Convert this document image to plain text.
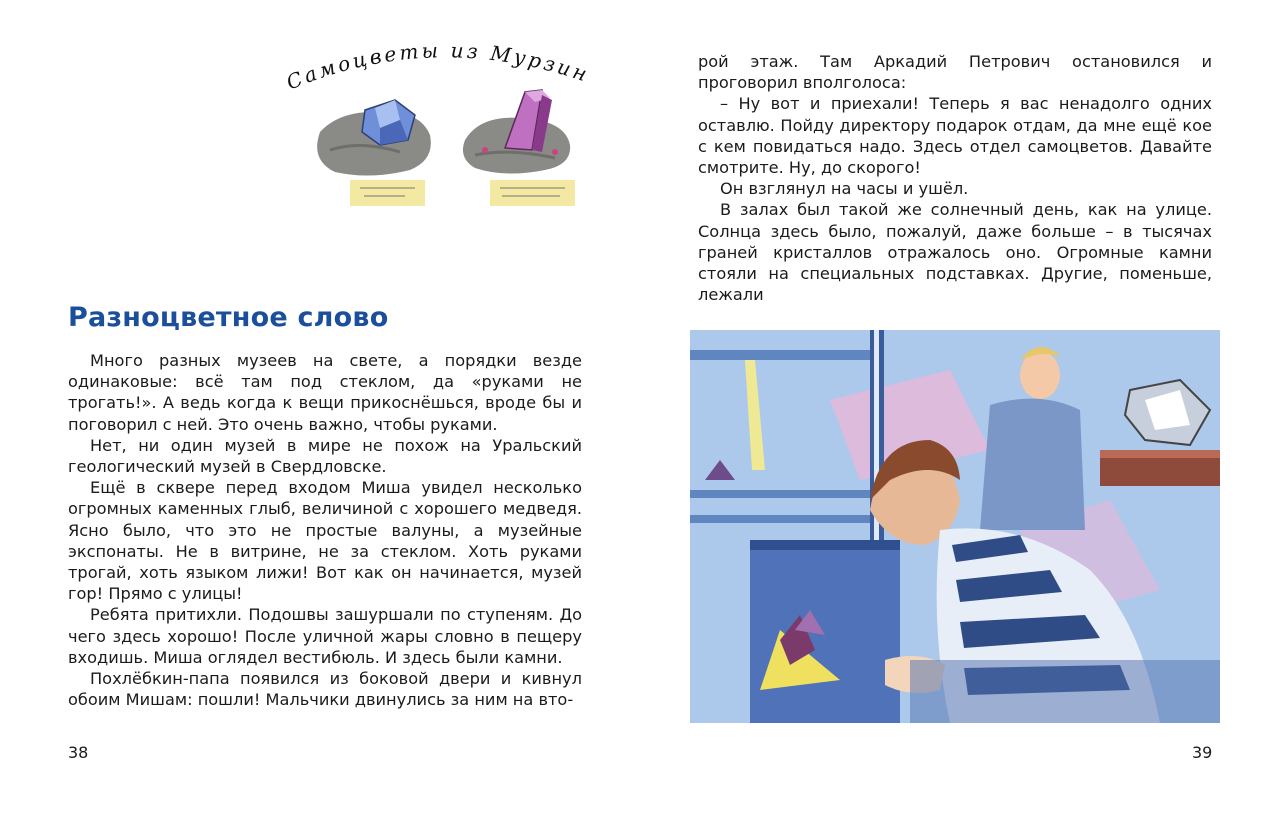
Самоцветы из Мурзин
Разноцветное слово

Много разных музеев на свете, а порядки везде одинаковые: всё там под стеклом, да «руками не трогать!». А ведь когда к вещи прикоснёшься, вроде бы и поговорил с ней. Это очень важно, чтобы руками.

Нет, ни один музей в мире не похож на Уральский геологический музей в Свердловске.

Ещё в сквере перед входом Миша увидел несколько огромных каменных глыб, величиной с хорошего медведя. Ясно было, что это не простые валуны, а музейные экспонаты. Не в витрине, не за стеклом. Хоть руками трогай, хоть языком лижи! Вот как он начинается, музей гор! Прямо с улицы!

Ребята притихли. Подошвы зашуршали по ступеням. До чего здесь хорошо! После уличной жары словно в пещеру входишь. Миша оглядел вестибюль. И здесь были камни.

Похлёбкин-папа появился из боковой двери и кивнул обоим Мишам: пошли! Мальчики двинулись за ним на вто-

38

рой этаж. Там Аркадий Петрович остановился и проговорил вполголоса:

– Ну вот и приехали! Теперь я вас ненадолго одних оставлю. Пойду директору подарок отдам, да мне ещё кое с кем повидаться надо. Здесь отдел самоцветов. Давайте смотрите. Ну, до скорого!

Он взглянул на часы и ушёл.

В залах был такой же солнечный день, как на улице. Солнца здесь было, пожалуй, даже больше – в тысячах граней кристаллов отражалось оно. Огромные камни стояли на специальных подставках. Другие, поменьше, лежали

39
